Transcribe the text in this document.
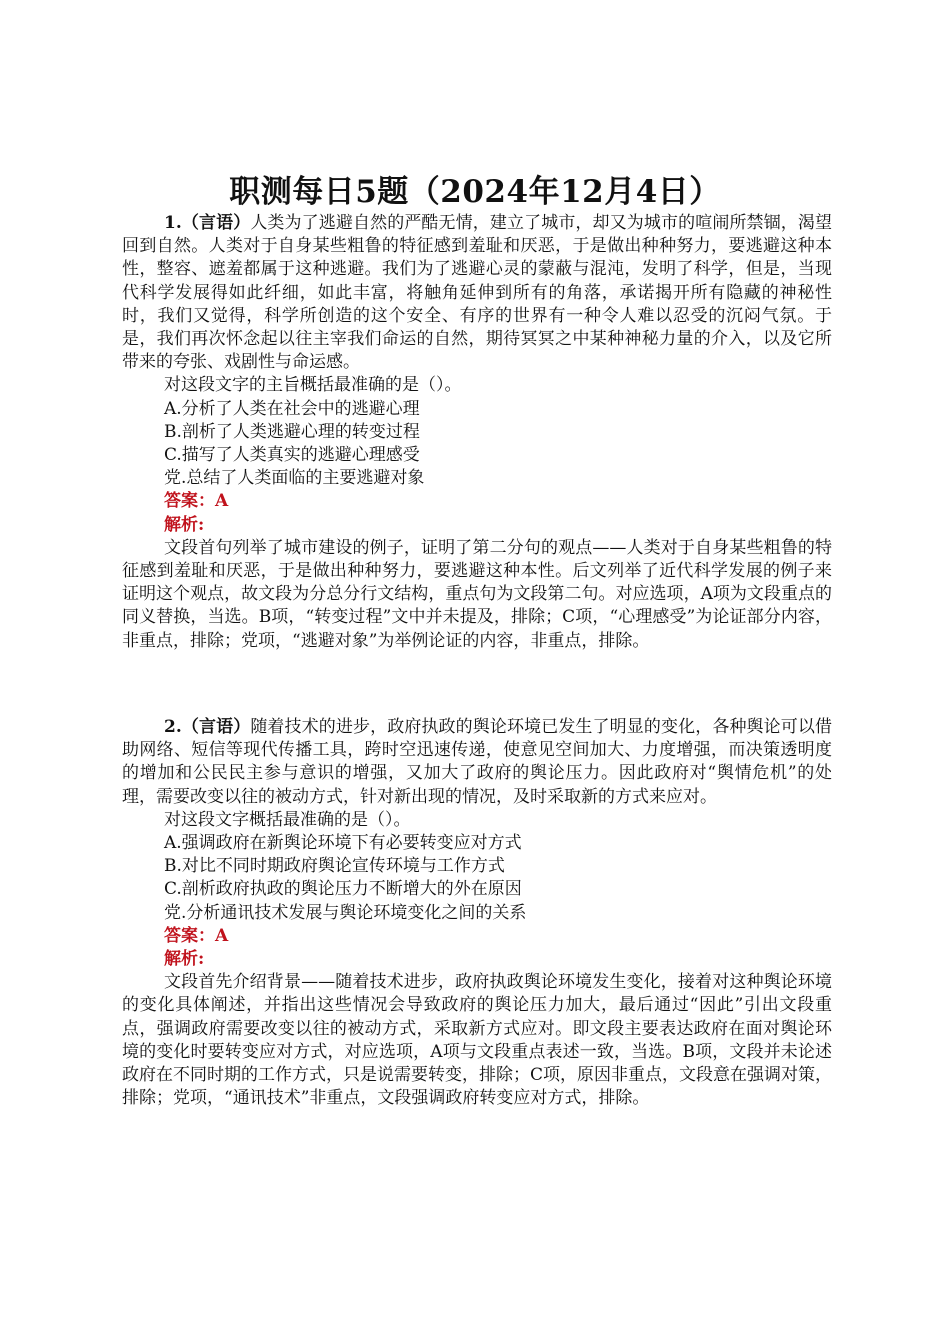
职测每日5题（2024年12月4日）

1.（言语）人类为了逃避自然的严酷无情，建立了城市，却又为城市的喧闹所禁锢，渴望回到自然。人类对于自身某些粗鲁的特征感到羞耻和厌恶，于是做出种种努力，要逃避这种本性，整容、遮羞都属于这种逃避。我们为了逃避心灵的蒙蔽与混沌，发明了科学，但是，当现代科学发展得如此纤细，如此丰富，将触角延伸到所有的角落，承诺揭开所有隐藏的神秘性时，我们又觉得，科学所创造的这个安全、有序的世界有一种令人难以忍受的沉闷气氛。于是，我们再次怀念起以往主宰我们命运的自然，期待冥冥之中某种神秘力量的介入，以及它所带来的夸张、戏剧性与命运感。

对这段文字的主旨概括最准确的是（）。

A.分析了人类在社会中的逃避心理

B.剖析了人类逃避心理的转变过程

C.描写了人类真实的逃避心理感受

党.总结了人类面临的主要逃避对象

答案：A

解析:

文段首句列举了城市建设的例子，证明了第二分句的观点——人类对于自身某些粗鲁的特征感到羞耻和厌恶，于是做出种种努力，要逃避这种本性。后文列举了近代科学发展的例子来证明这个观点，故文段为分总分行文结构，重点句为文段第二句。对应选项，A项为文段重点的同义替换，当选。B项，“转变过程”文中并未提及，排除；C项，“心理感受”为论证部分内容，非重点，排除；党项，“逃避对象”为举例论证的内容，非重点，排除。

2.（言语）随着技术的进步，政府执政的舆论环境已发生了明显的变化，各种舆论可以借助网络、短信等现代传播工具，跨时空迅速传递，使意见空间加大、力度增强，而决策透明度的增加和公民民主参与意识的增强，又加大了政府的舆论压力。因此政府对“舆情危机”的处理，需要改变以往的被动方式，针对新出现的情况，及时采取新的方式来应对。

对这段文字概括最准确的是（）。

A.强调政府在新舆论环境下有必要转变应对方式

B.对比不同时期政府舆论宣传环境与工作方式

C.剖析政府执政的舆论压力不断增大的外在原因

党.分析通讯技术发展与舆论环境变化之间的关系

答案：A

解析:

文段首先介绍背景——随着技术进步，政府执政舆论环境发生变化，接着对这种舆论环境的变化具体阐述，并指出这些情况会导致政府的舆论压力加大，最后通过“因此”引出文段重点，强调政府需要改变以往的被动方式，采取新方式应对。即文段主要表达政府在面对舆论环境的变化时要转变应对方式，对应选项，A项与文段重点表述一致，当选。B项，文段并未论述政府在不同时期的工作方式，只是说需要转变，排除；C项，原因非重点，文段意在强调对策，排除；党项，“通讯技术”非重点，文段强调政府转变应对方式，排除。
